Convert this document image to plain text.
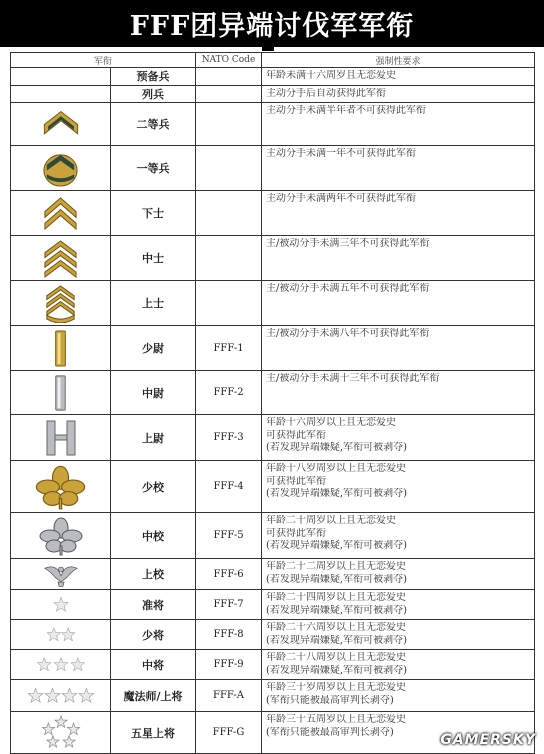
FFF团异端讨伐军军衔
军衔		NATO Code	强制性要求
	预备兵		年龄未满十六周岁且无恋爱史

	列兵		主动分手后自动获得此军衔

	二等兵		主动分手未满半年者不可获得此军衔

	一等兵		主动分手未满一年不可获得此军衔

	下士		主动分手未满两年不可获得此军衔

	中士		主/被动分手未满三年不可获得此军衔

	上士		主/被动分手未满五年不可获得此军衔

	少尉	FFF-1	主/被动分手未满八年不可获得此军衔

	中尉	FFF-2	主/被动分手未满十三年不可获得此军衔

	上尉	FFF-3	年龄十六周岁以上且无恋爱史
可获得此军衔
(若发现异端嫌疑,军衔可被剥夺)

	少校	FFF-4	年龄十八岁周岁以上且无恋爱史
可获得此军衔
(若发现异端嫌疑,军衔可被剥夺)

	中校	FFF-5	年龄二十周岁以上且无恋爱史
可获得此军衔
(若发现异端嫌疑,军衔可被剥夺)

	上校	FFF-6	年龄二十二周岁以上且无恋爱史
(若发现异端嫌疑,军衔可被剥夺)

	准将	FFF-7	年龄二十四周岁以上且无恋爱史
(若发现异端嫌疑,军衔可被剥夺)

	少将	FFF-8	年龄二十六周岁以上且无恋爱史
(若发现异端嫌疑,军衔可被剥夺)

	中将	FFF-9	年龄二十八周岁以上且无恋爱史
(若发现异端嫌疑,军衔可被剥夺)

	魔法师/上将	FFF-A	年龄三十岁周岁以上且无恋爱史
(军衔只能被最高审判长剥夺)

	五星上将	FFF-G	年龄三十五周岁以上且无恋爱史
(军衔只能被最高审判长剥夺)	GAMERSKY
